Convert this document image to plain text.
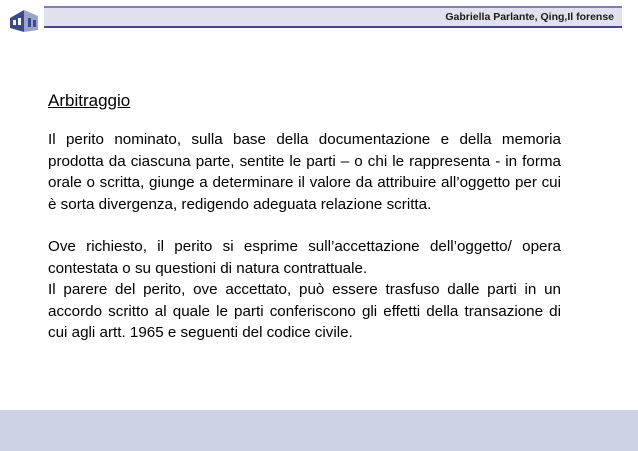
Gabriella Parlante, Qing,Il forense
Arbitraggio

Il perito nominato, sulla base della documentazione e della memoria prodotta da ciascuna parte, sentite le parti – o chi le rappresenta - in forma orale o scritta, giunge a determinare il valore da attribuire all’oggetto per cui è sorta divergenza, redigendo adeguata relazione scritta.

Ove richiesto, il perito si esprime sull’accettazione dell’oggetto/ opera contestata o su questioni di natura contrattuale.

Il parere del perito, ove accettato, può essere trasfuso dalle parti in un accordo scritto al quale le parti conferiscono gli effetti della transazione di cui agli artt. 1965 e seguenti del codice civile.
